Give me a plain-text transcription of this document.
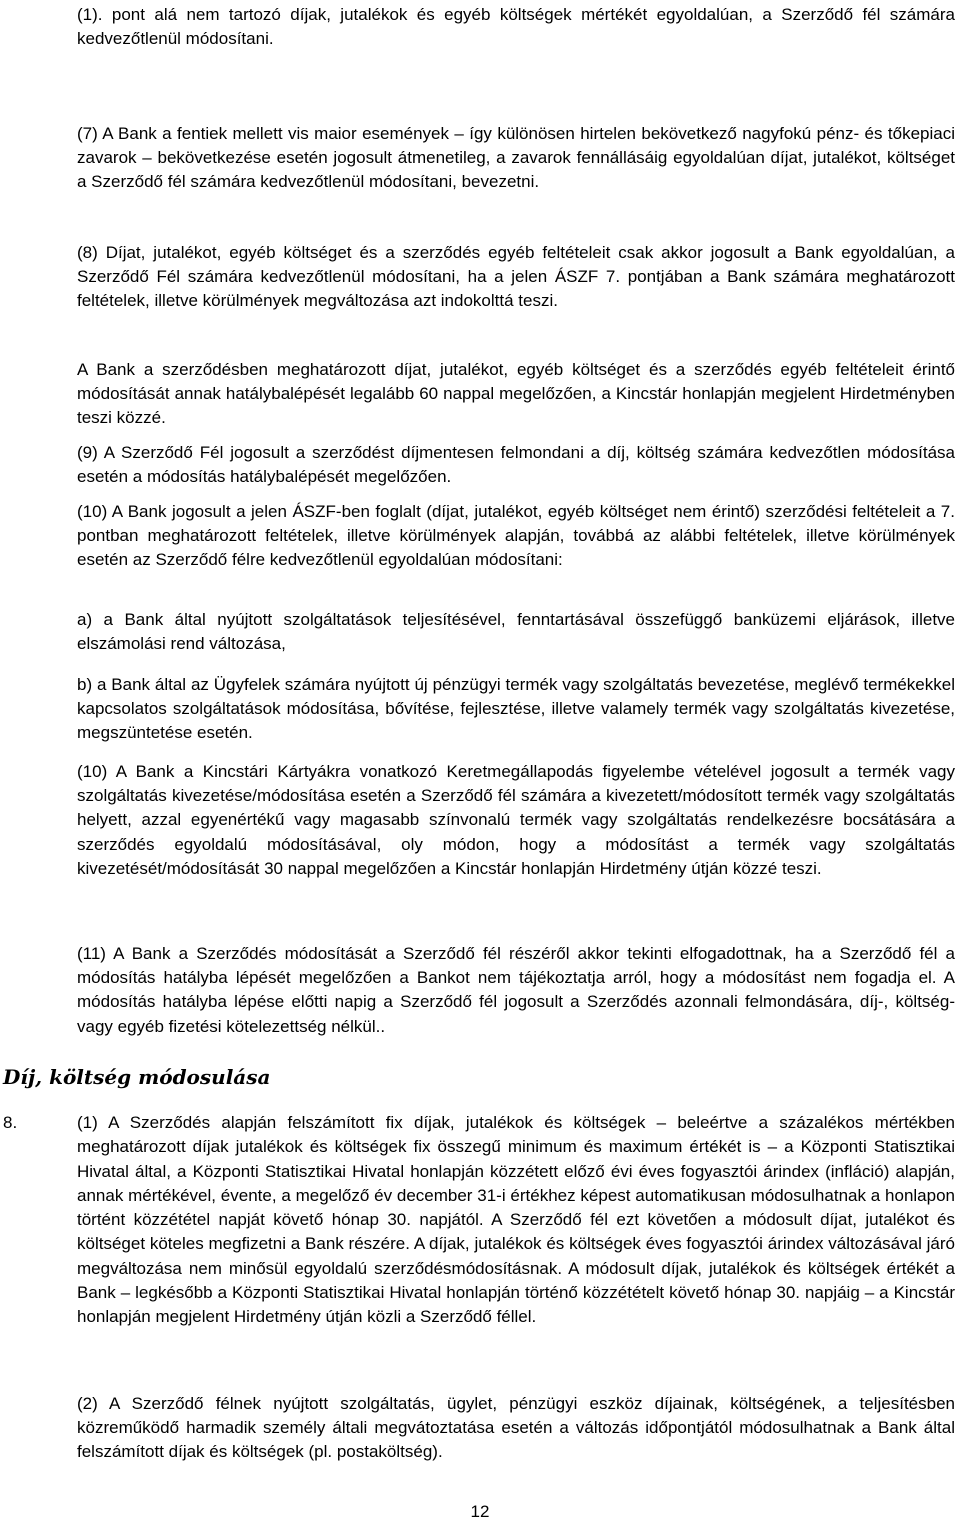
(1). pont alá nem tartozó díjak, jutalékok és egyéb költségek mértékét egyoldalúan, a Szerződő fél számára kedvezőtlenül módosítani.

(7) A Bank a fentiek mellett vis maior események – így különösen hirtelen bekövetkező nagyfokú pénz- és tőkepiaci zavarok – bekövetkezése esetén jogosult átmenetileg, a zavarok fennállásáig egyoldalúan díjat, jutalékot, költséget a Szerződő fél számára kedvezőtlenül módosítani, bevezetni.

(8) Díjat, jutalékot, egyéb költséget és a szerződés egyéb feltételeit csak akkor jogosult a Bank egyoldalúan, a Szerződő Fél számára kedvezőtlenül módosítani, ha a jelen ÁSZF 7. pontjában a Bank számára meghatározott feltételek, illetve körülmények megváltozása azt indokolttá teszi.

A Bank a szerződésben meghatározott díjat, jutalékot, egyéb költséget és a szerződés egyéb feltételeit érintő módosítását annak hatálybalépését legalább 60 nappal megelőzően, a Kincstár honlapján megjelent Hirdetményben teszi közzé.

(9) A Szerződő Fél jogosult a szerződést díjmentesen felmondani a díj, költség számára kedvezőtlen módosítása esetén a módosítás hatálybalépését megelőzően.

(10) A Bank jogosult a jelen ÁSZF-ben foglalt (díjat, jutalékot, egyéb költséget nem érintő) szerződési feltételeit a 7. pontban meghatározott feltételek, illetve körülmények alapján, továbbá az alábbi feltételek, illetve körülmények esetén az Szerződő félre kedvezőtlenül egyoldalúan módosítani:

a) a Bank által nyújtott szolgáltatások teljesítésével, fenntartásával összefüggő banküzemi eljárások, illetve elszámolási rend változása,

b) a Bank által az Ügyfelek számára nyújtott új pénzügyi termék vagy szolgáltatás bevezetése, meglévő termékekkel kapcsolatos szolgáltatások módosítása, bővítése, fejlesztése, illetve valamely termék vagy szolgáltatás kivezetése, megszüntetése esetén.

(10) A Bank a Kincstári Kártyákra vonatkozó Keretmegállapodás figyelembe vételével jogosult a termék vagy szolgáltatás kivezetése/módosítása esetén a Szerződő fél számára a kivezetett/módosított termék vagy szolgáltatás helyett, azzal egyenértékű vagy magasabb színvonalú termék vagy szolgáltatás rendelkezésre bocsátására a szerződés egyoldalú módosításával, oly módon, hogy a módosítást a termék vagy szolgáltatás kivezetését/módosítását 30 nappal megelőzően a Kincstár honlapján Hirdetmény útján közzé teszi.

(11) A Bank a Szerződés módosítását a Szerződő fél részéről akkor tekinti elfogadottnak, ha a Szerződő fél a módosítás hatályba lépését megelőzően a Bankot nem tájékoztatja arról, hogy a módosítást nem fogadja el. A módosítás hatályba lépése előtti napig a Szerződő fél jogosult a Szerződés azonnali felmondására, díj-, költség- vagy egyéb fizetési kötelezettség nélkül..

Díj, költség módosulása
8.	(1) A Szerződés alapján felszámított fix díjak, jutalékok és költségek – beleértve a százalékos mértékben meghatározott díjak jutalékok és költségek fix összegű minimum és maximum értékét is – a Központi Statisztikai Hivatal által, a Központi Statisztikai Hivatal honlapján közzétett előző évi éves fogyasztói árindex (infláció) alapján, annak mértékével, évente, a megelőző év december 31-i értékhez képest automatikusan módosulhatnak a honlapon történt közzététel napját követő hónap 30. napjától. A Szerződő fél ezt követően a módosult díjat, jutalékot és költséget köteles megfizetni a Bank részére. A díjak, jutalékok és költségek éves fogyasztói árindex változásával járó megváltozása nem minősül egyoldalú szerződésmódosításnak. A módosult díjak, jutalékok és költségek értékét a Bank – legkésőbb a Központi Statisztikai Hivatal honlapján történő közzétételt követő hónap 30. napjáig – a Kincstár honlapján megjelent Hirdetmény útján közli a Szerződő féllel.

(2) A Szerződő félnek nyújtott szolgáltatás, ügylet, pénzügyi eszköz díjainak, költségének, a teljesítésben közreműködő harmadik személy általi megvátoztatása esetén a változás időpontjától módosulhatnak a Bank által felszámított díjak és költségek (pl. postaköltség).

12
